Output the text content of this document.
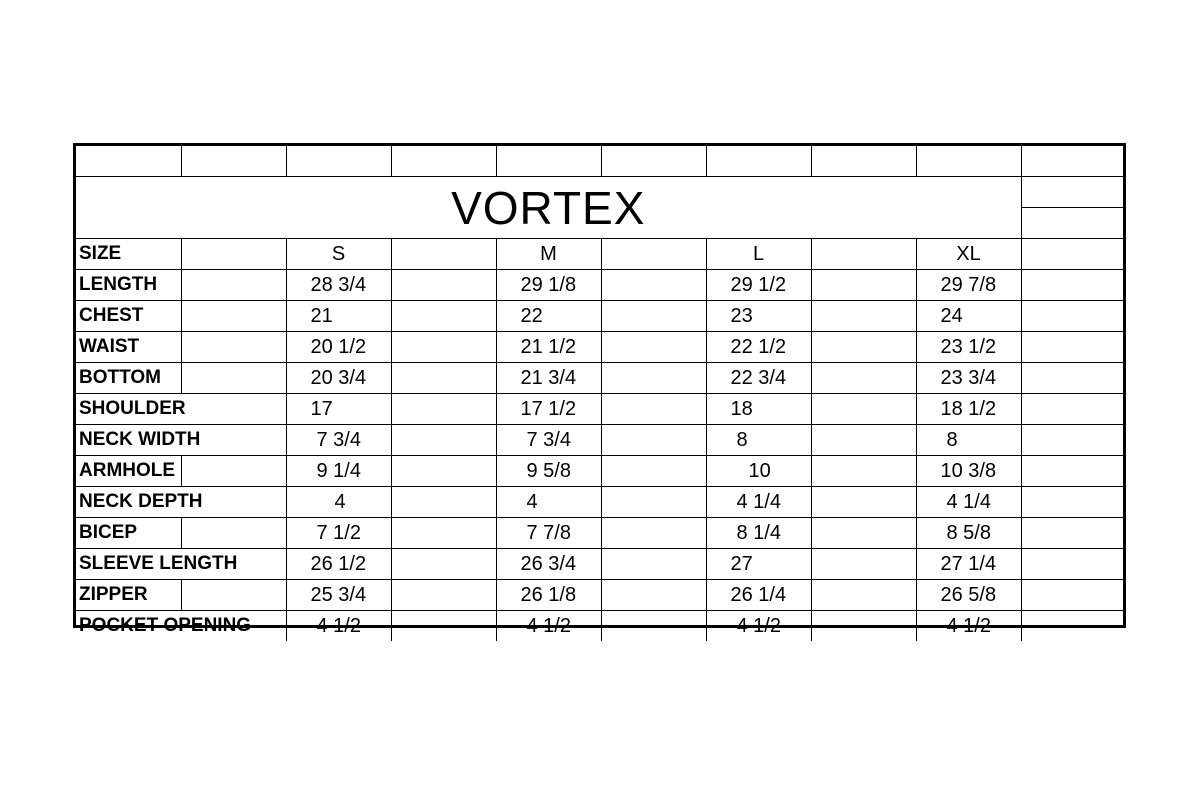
VORTEX									

SIZE		S		M		L		XL	
LENGTH		28 3/4		29 1/8		29 1/2		29 7/8	
CHEST		21		22		23		24	
WAIST		20 1/2		21 1/2		22 1/2		23 1/2	
BOTTOM		20 3/4		21 3/4		22 3/4		23 3/4	
SHOULDER		17		17 1/2		18		18 1/2	
NECK WIDTH		7 3/4		7 3/4		8		8	
ARMHOLE		9 1/4		9 5/8		10		10 3/8	
NECK DEPTH		4		4		4 1/4		4 1/4	
BICEP		7 1/2		7 7/8		8 1/4		8 5/8	
SLEEVE LENGTH		26 1/2		26 3/4		27		27 1/4	
ZIPPER		25 3/4		26 1/8		26 1/4		26 5/8	
POCKET OPENING		4 1/2		4 1/2		4 1/2		4 1/2	
